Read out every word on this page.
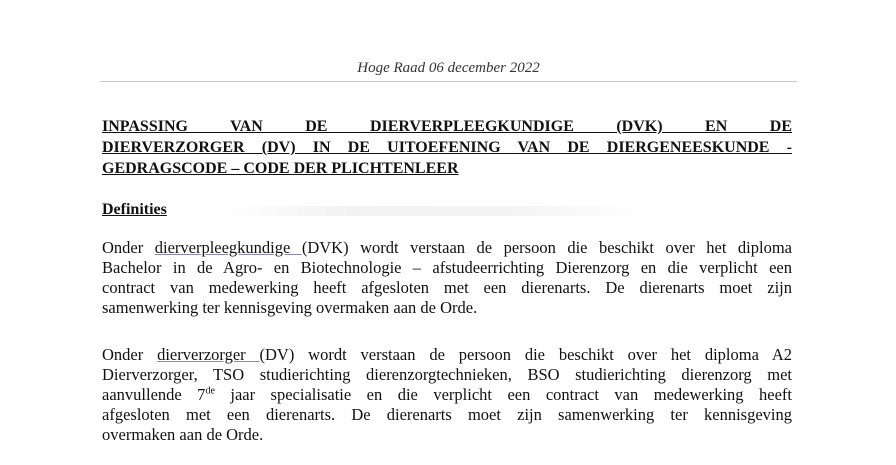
Hoge Raad 06 december 2022
INPASSING VAN DE DIERVERPLEEGKUNDIGE (DVK) EN DE
DIERVERZORGER (DV) IN DE UITOEFENING VAN DE DIERGENEESKUNDE -
GEDRAGSCODE – CODE DER PLICHTENLEER
Definities
Onder dierverpleegkundige (DVK) wordt verstaan de persoon die beschikt over het diploma
Bachelor in de Agro- en Biotechnologie – afstudeerrichting Dierenzorg en die verplicht een
contract van medewerking heeft afgesloten met een dierenarts. De dierenarts moet zijn
samenwerking ter kennisgeving overmaken aan de Orde.
Onder dierverzorger (DV) wordt verstaan de persoon die beschikt over het diploma A2
Dierverzorger, TSO studierichting dierenzorgtechnieken, BSO studierichting dierenzorg met
aanvullende 7de jaar specialisatie en die verplicht een contract van medewerking heeft
afgesloten met een dierenarts. De dierenarts moet zijn samenwerking ter kennisgeving
overmaken aan de Orde.
